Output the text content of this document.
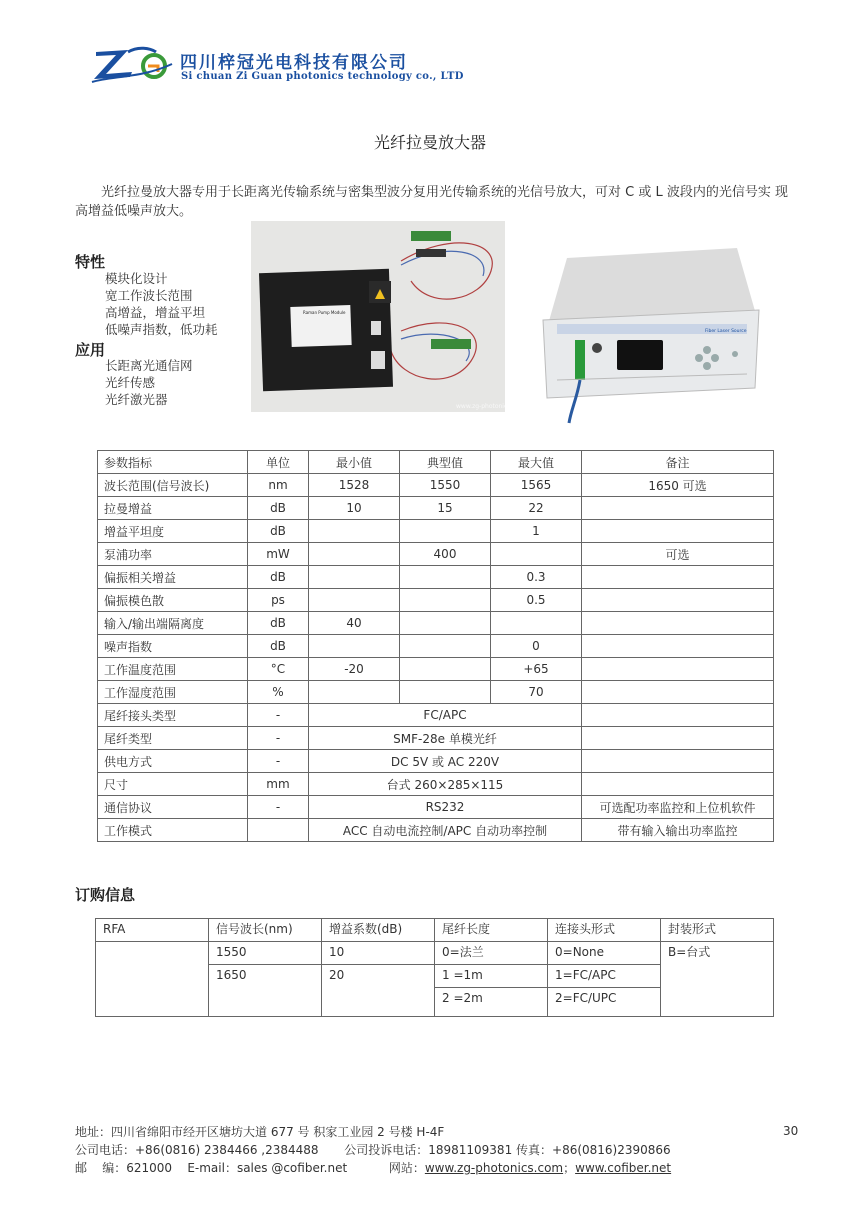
四川梓冠光电科技有限公司
Si chuan Zi Guan photonics technology co., LTD
光纤拉曼放大器
光纤拉曼放大器专用于长距离光传输系统与密集型波分复用光传输系统的光信号放大，可对 C 或 L 波段内的光信号实 现高增益低噪声放大。
特性
模块化设计
宽工作波长范围
高增益，增益平坦
低噪声指数，低功耗
应用
长距离光通信网
光纤传感
光纤激光器
Raman Pump Module
www.zg-photonics.com
Fiber Laser Source
参数指标	单位	最小值	典型值	最大值	备注
波长范围(信号波长)	nm	1528	1550	1565	1650 可选
拉曼增益	dB	10	15	22	
增益平坦度	dB			1	
泵浦功率	mW		400		可选
偏振相关增益	dB			0.3	
偏振模色散	ps			0.5	
输入/输出端隔离度	dB	40			
噪声指数	dB			0	
工作温度范围	°C	-20		+65	
工作湿度范围	%			70	
尾纤接头类型	-	FC/APC			
尾纤类型	-	SMF-28e 单模光纤			
供电方式	-	DC 5V 或 AC 220V			
尺寸	mm	台式 260×285×115			
通信协议	-	RS232			可选配功率监控和上位机软件
工作模式		ACC 自动电流控制/APC 自动功率控制			带有输入输出功率监控
订购信息
RFA	信号波长(nm)	增益系数(dB)	尾纤长度	连接头形式	封装形式
	1550	10	0=法兰	0=None	B=台式
	1650	20	1 =1m	1=FC/APC	
			2 =2m	2=FC/UPC	
地址：四川省绵阳市经开区塘坊大道 677 号 积家工业园 2 号楼 H-4F
公司电话：+86(0816) 2384466 ,2384488 公司投诉电话：18981109381 传真：+86(0816)2390866
邮    编：621000    E-mail：sales @cofiber.net	网站：www.zg-photonics.com；www.cofiber.net
30
